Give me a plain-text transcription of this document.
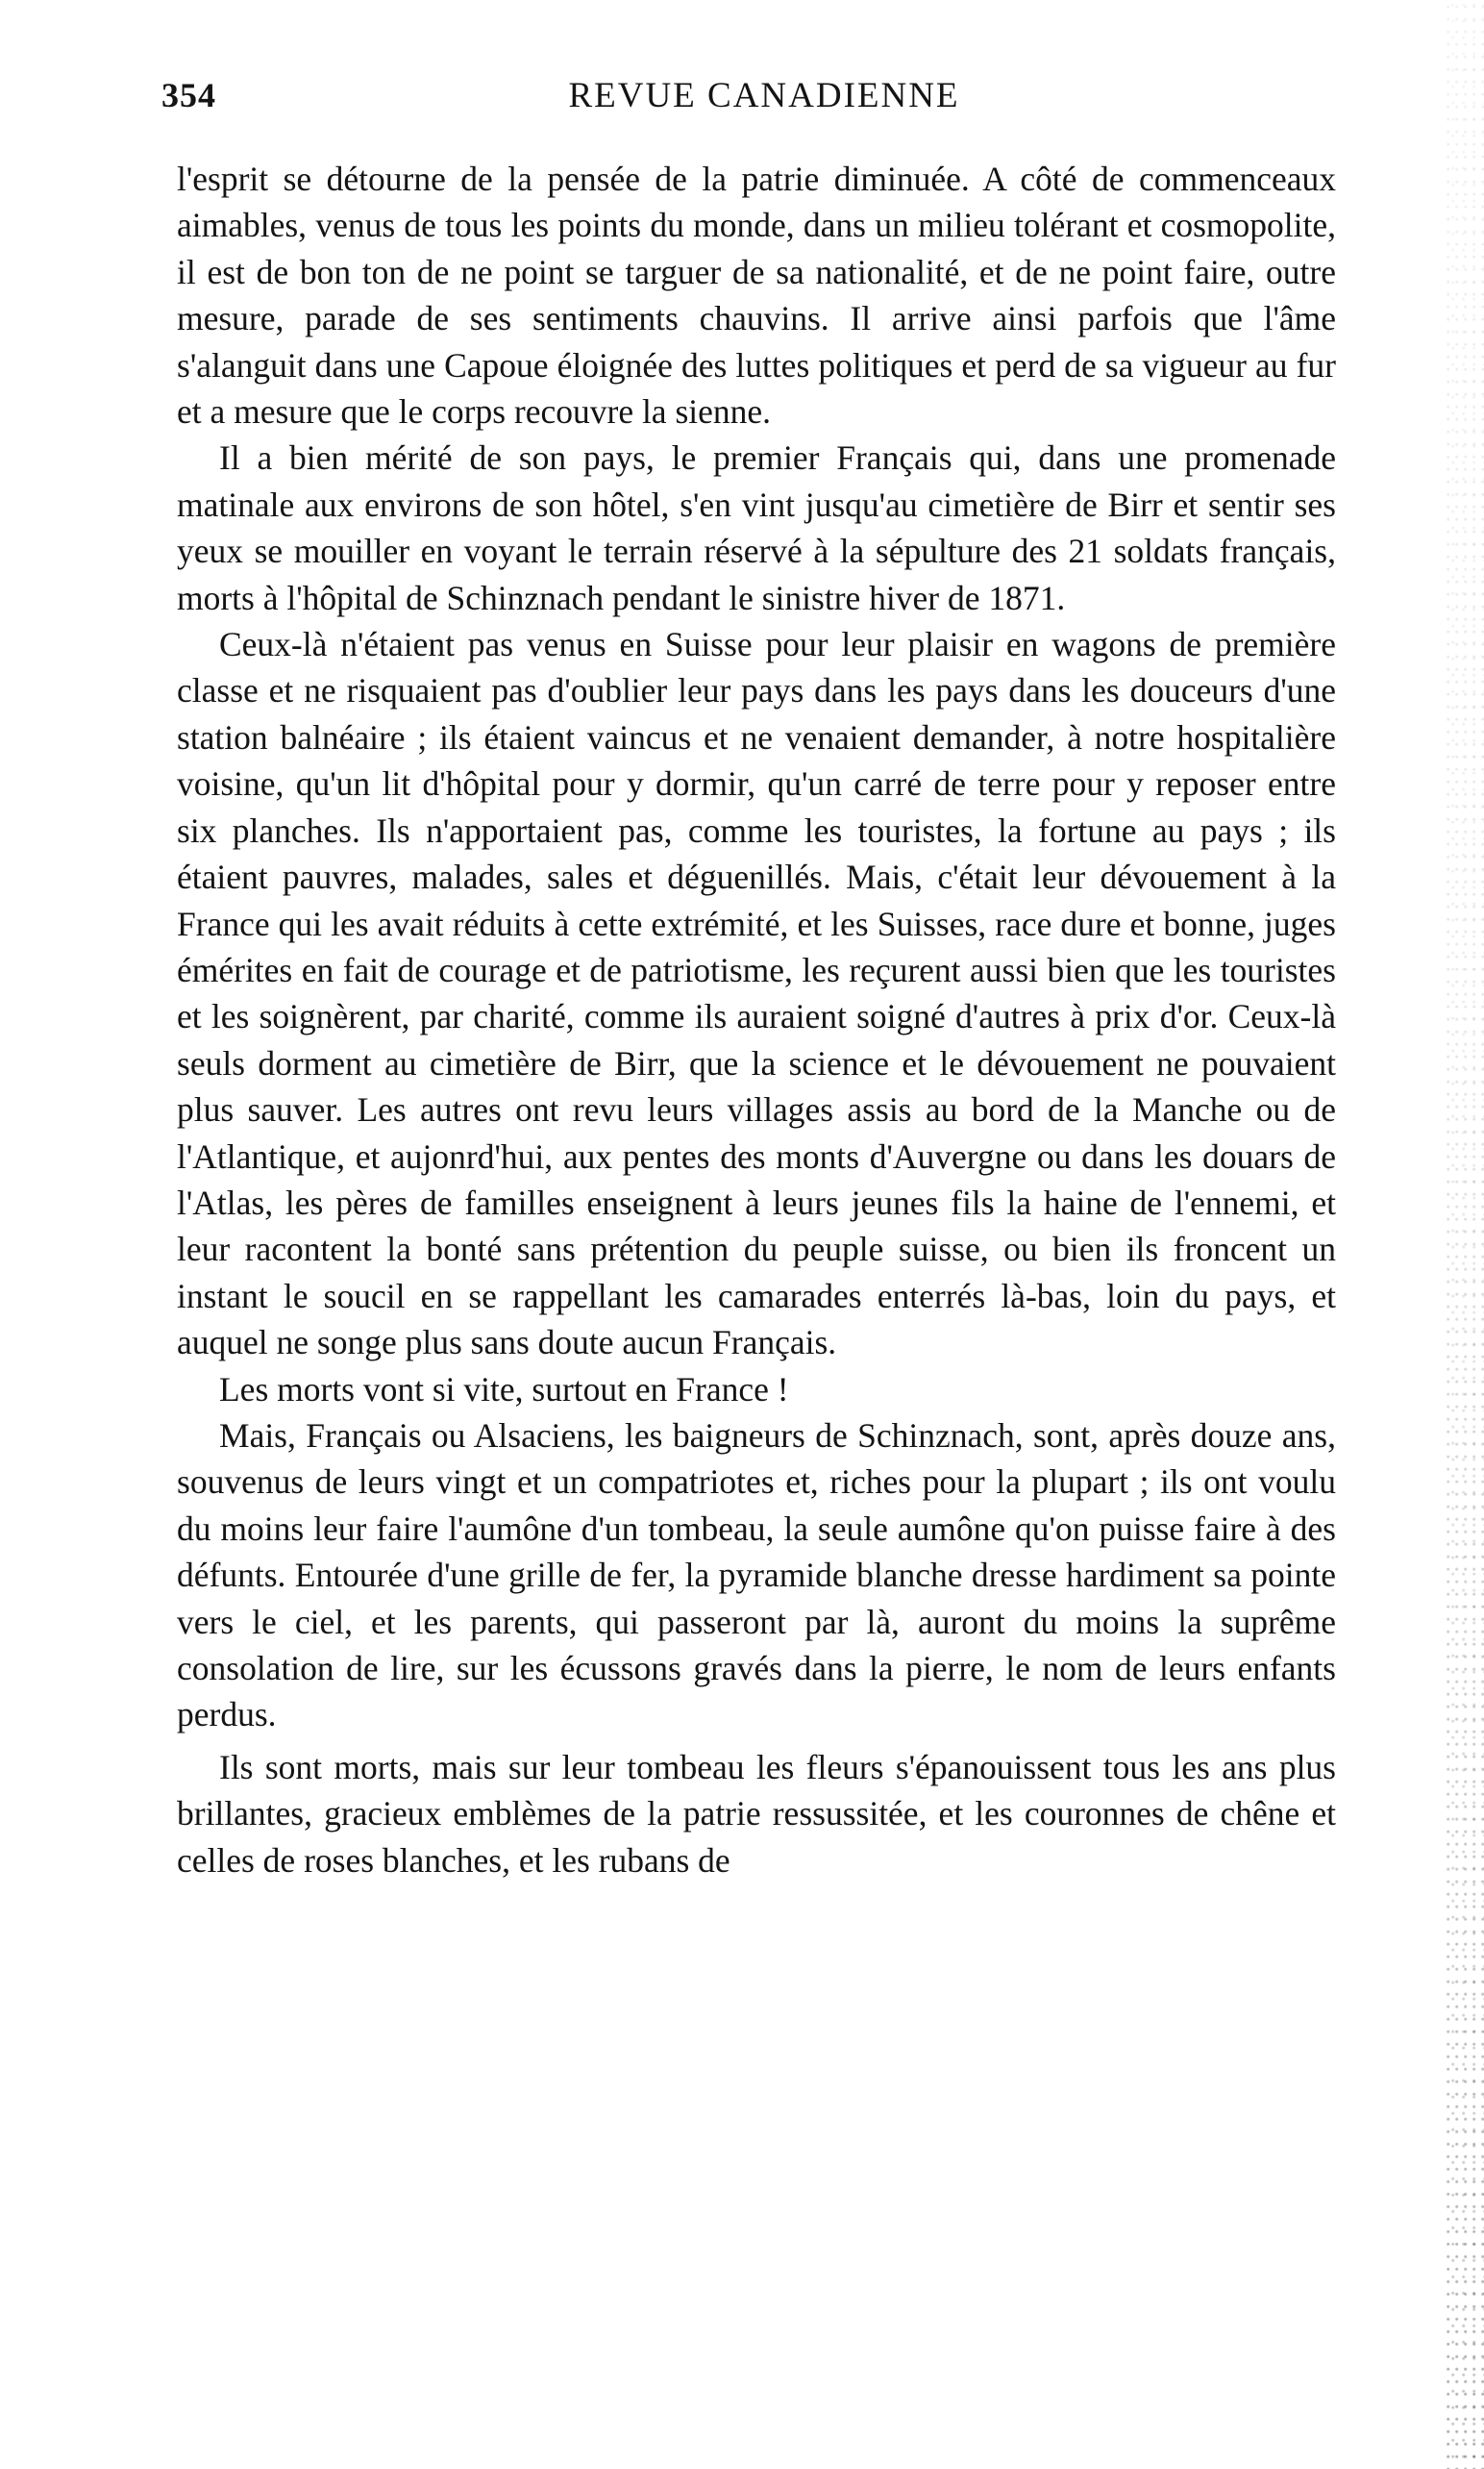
354	REVUE CANADIENNE

l'esprit se détourne de la pensée de la patrie diminuée. A côté de commenceaux aimables, venus de tous les points du monde, dans un milieu tolérant et cosmopolite, il est de bon ton de ne point se targuer de sa nationalité, et de ne point faire, outre mesure, parade de ses sentiments chauvins. Il arrive ainsi parfois que l'âme s'alanguit dans une Capoue éloignée des luttes politiques et perd de sa vigueur au fur et a mesure que le corps recouvre la sienne.

Il a bien mérité de son pays, le premier Français qui, dans une promenade matinale aux environs de son hôtel, s'en vint jusqu'au cimetière de Birr et sentir ses yeux se mouiller en voyant le terrain réservé à la sépulture des 21 soldats français, morts à l'hôpital de Schinznach pendant le sinistre hiver de 1871.

Ceux-là n'étaient pas venus en Suisse pour leur plaisir en wagons de première classe et ne risquaient pas d'oublier leur pays dans les pays dans les douceurs d'une station balnéaire ; ils étaient vaincus et ne venaient demander, à notre hospitalière voisine, qu'un lit d'hôpital pour y dormir, qu'un carré de terre pour y reposer entre six planches. Ils n'apportaient pas, comme les touristes, la fortune au pays ; ils étaient pauvres, malades, sales et déguenillés. Mais, c'était leur dévouement à la France qui les avait réduits à cette extrémité, et les Suisses, race dure et bonne, juges émérites en fait de courage et de patriotisme, les reçurent aussi bien que les touristes et les soignèrent, par charité, comme ils auraient soigné d'autres à prix d'or. Ceux-là seuls dorment au cimetière de Birr, que la science et le dévouement ne pouvaient plus sauver. Les autres ont revu leurs villages assis au bord de la Manche ou de l'Atlantique, et aujonrd'hui, aux pentes des monts d'Auvergne ou dans les douars de l'Atlas, les pères de familles enseignent à leurs jeunes fils la haine de l'ennemi, et leur racontent la bonté sans prétention du peuple suisse, ou bien ils froncent un instant le soucil en se rappellant les camarades enterrés là-bas, loin du pays, et auquel ne songe plus sans doute aucun Français.

Les morts vont si vite, surtout en France !

Mais, Français ou Alsaciens, les baigneurs de Schinznach, sont, après douze ans, souvenus de leurs vingt et un compatriotes et, riches pour la plupart ; ils ont voulu du moins leur faire l'aumône d'un tombeau, la seule aumône qu'on puisse faire à des défunts. Entourée d'une grille de fer, la pyramide blanche dresse hardiment sa pointe vers le ciel, et les parents, qui passeront par là, auront du moins la suprême consolation de lire, sur les écussons gravés dans la pierre, le nom de leurs enfants perdus.

Ils sont morts, mais sur leur tombeau les fleurs s'épanouissent tous les ans plus brillantes, gracieux emblèmes de la patrie ressussitée, et les couronnes de chêne et celles de roses blanches, et les rubans de
